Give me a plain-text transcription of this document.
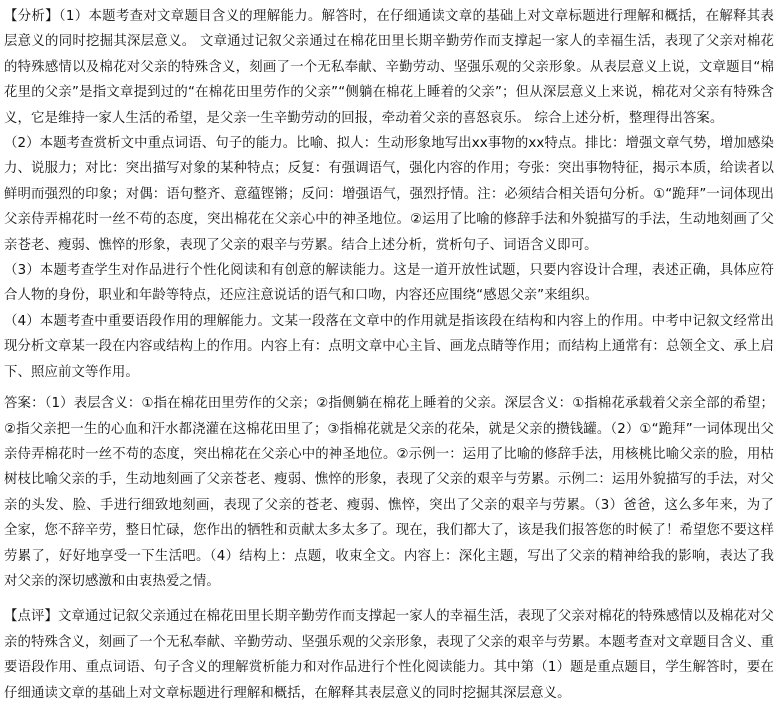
【分析】（1）本题考查对文章题目含义的理解能力。解答时，在仔细通读文章的基础上对文章标题进行理解和概括，在解释其表层意义的同时挖掘其深层意义。 文章通过记叙父亲通过在棉花田里长期辛勤劳作而支撑起一家人的幸福生活，表现了父亲对棉花的特殊感情以及棉花对父亲的特殊含义，刻画了一个无私奉献、辛勤劳动、坚强乐观的父亲形象。从表层意义上说，文章题目“棉花里的父亲”是指文章提到过的“在棉花田里劳作的父亲”“侧躺在棉花上睡着的父亲”；但从深层意义上来说，棉花对父亲有特殊含义，它是维持一家人生活的希望，是父亲一生辛勤劳动的回报，牵动着父亲的喜怒哀乐。 综合上述分析，整理得出答案。

（2）本题考查赏析文中重点词语、句子的能力。比喻、拟人：生动形象地写出xx事物的xx特点。排比：增强文章气势，增加感染力、说服力；对比：突出描写对象的某种特点；反复：有强调语气，强化内容的作用；夸张：突出事物特征，揭示本质，给读者以鲜明而强烈的印象；对偶：语句整齐、意蕴铿锵；反问：增强语气，强烈抒情。注：必须结合相关语句分析。①“跪拜”一词体现出父亲侍弄棉花时一丝不苟的态度，突出棉花在父亲心中的神圣地位。②运用了比喻的修辞手法和外貌描写的手法，生动地刻画了父亲苍老、瘦弱、憔悴的形象，表现了父亲的艰辛与劳累。结合上述分析，赏析句子、词语含义即可。

（3）本题考查学生对作品进行个性化阅读和有创意的解读能力。这是一道开放性试题，只要内容设计合理，表述正确，具体应符合人物的身份，职业和年龄等特点，还应注意说话的语气和口吻，内容还应围绕“感恩父亲”来组织。

（4）本题考查中重要语段作用的理解能力。文某一段落在文章中的作用就是指该段在结构和内容上的作用。中考中记叙文经常出现分析文章某一段在内容或结构上的作用。内容上有：点明文章中心主旨、画龙点睛等作用；而结构上通常有：总领全文、承上启下、照应前文等作用。

答案：（1）表层含义：①指在棉花田里劳作的父亲；②指侧躺在棉花上睡着的父亲。深层含义：①指棉花承载着父亲全部的希望；②指父亲把一生的心血和汗水都浇灌在这棉花田里了；③指棉花就是父亲的花朵，就是父亲的攒钱罐。（2）①“跪拜”一词体现出父亲侍弄棉花时一丝不苟的态度，突出棉花在父亲心中的神圣地位。②示例一：运用了比喻的修辞手法，用核桃比喻父亲的脸，用枯树枝比喻父亲的手，生动地刻画了父亲苍老、瘦弱、憔悴的形象，表现了父亲的艰辛与劳累。示例二：运用外貌描写的手法，对父亲的头发、脸、手进行细致地刻画，表现了父亲的苍老、瘦弱、憔悴，突出了父亲的艰辛与劳累。（3）爸爸，这么多年来，为了全家，您不辞辛劳，整日忙碌，您作出的牺牲和贡献太多太多了。现在，我们都大了，该是我们报答您的时候了！希望您不要这样劳累了，好好地享受一下生活吧。（4）结构上：点题，收束全文。内容上：深化主题，写出了父亲的精神给我的影响，表达了我对父亲的深切感激和由衷热爱之情。

【点评】文章通过记叙父亲通过在棉花田里长期辛勤劳作而支撑起一家人的幸福生活，表现了父亲对棉花的特殊感情以及棉花对父亲的特殊含义，刻画了一个无私奉献、辛勤劳动、坚强乐观的父亲形象，表现了父亲的艰辛与劳累。本题考查对文章题目含义、重要语段作用、重点词语、句子含义的理解赏析能力和对作品进行个性化阅读能力。其中第（1）题是重点题目，学生解答时，要在仔细通读文章的基础上对文章标题进行理解和概括，在解释其表层意义的同时挖掘其深层意义。
